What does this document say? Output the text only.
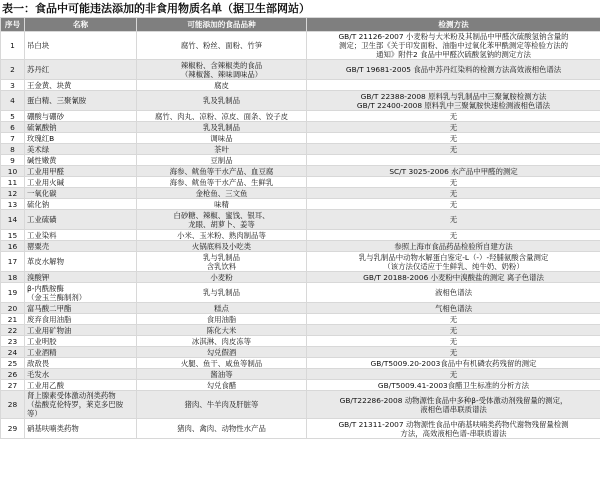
表一：食品中可能违法添加的非食用物质名单（据卫生部网站）
序号	名称	可能添加的食品品种	检测方法
1	吊白块	腐竹、粉丝、面粉、竹笋	GB/T 21126-2007 小麦粉与大米粉及其制品中甲醛次硫酸氢钠含量的
测定；卫生部《关于印发面粉、油脂中过氧化苯甲酰测定等检验方法的
通知》附件2 食品中甲醛次硫酸氢钠的测定方法

2	苏丹红	辣椒粉、含辣椒类的食品
（辣椒酱、辣味调味品）	GB/T 19681-2005 食品中苏丹红染料的检测方法高效液相色谱法

3	王金黄、块黄	腐皮	

4	蛋白精、三聚氰胺	乳及乳制品	GB/T 22388-2008 原料乳与乳制品中三聚氰胺检测方法
GB/T 22400-2008 原料乳中三聚氰胺快速检测液相色谱法

5	硼酸与硼砂	腐竹、肉丸、凉粉、凉皮、面条、饺子皮	无

6	硫氰酸钠	乳及乳制品	无

7	玫瑰红B	调味品	无

8	美术绿	茶叶	无

9	碱性嫩黄	豆制品	

10	工业用甲醛	海参、鱿鱼等干水产品、血豆腐	SC/T 3025-2006 水产品中甲醛的测定

11	工业用火碱	海参、鱿鱼等干水产品、生鲜乳	无

12	一氧化碳	金枪鱼、三文鱼	无

13	硫化钠	味精	无

14	工业硫磺	白砂糖、辣椒、蜜饯、银耳、
龙眼、胡萝卜、姜等	无

15	工业染料	小米、玉米粉、熟肉制品等	无

16	罂粟壳	火锅底料及小吃类	参照上海市食品药品检验所自建方法

17	革皮水解物	乳与乳制品
含乳饮料	乳与乳制品中动物水解蛋白鉴定-L（-）-羟脯氨酸含量测定
（该方法仅适应于生鲜乳、纯牛奶、奶粉）

18	溴酸钾	小麦粉	GB/T 20188-2006 小麦粉中溴酸盐的测定 离子色谱法

19	β-内酰胺酶
（金玉兰酶制剂）	乳与乳制品	液相色谱法

20	富马酸二甲酯	糕点	气相色谱法

21	废弃食用油脂	食用油脂	无

22	工业用矿物油	陈化大米	无

23	工业明胶	冰淇淋、肉皮冻等	无

24	工业酒精	勾兑假酒	无

25	敌敌畏	火腿、鱼干、咸鱼等制品	GB/T5009.20-2003食品中有机磷农药残留的测定

26	毛发水	酱油等	无

27	工业用乙酸	勾兑食醋	GB/T5009.41-2003食醋卫生标准的分析方法

28	肾上腺素受体激动剂类药物
（盐酸克伦特罗，莱克多巴胺等）	猪肉、牛羊肉及肝脏等	GB/T22286-2008 动物源性食品中多种β-受体激动剂残留量的测定，
液相色谱串联质谱法

29	硝基呋喃类药物	猪肉、禽肉、动物性水产品	GB/T 21311-2007 动物源性食品中硝基呋喃类药物代谢物残留量检测
方法，高效液相色谱-串联质谱法
